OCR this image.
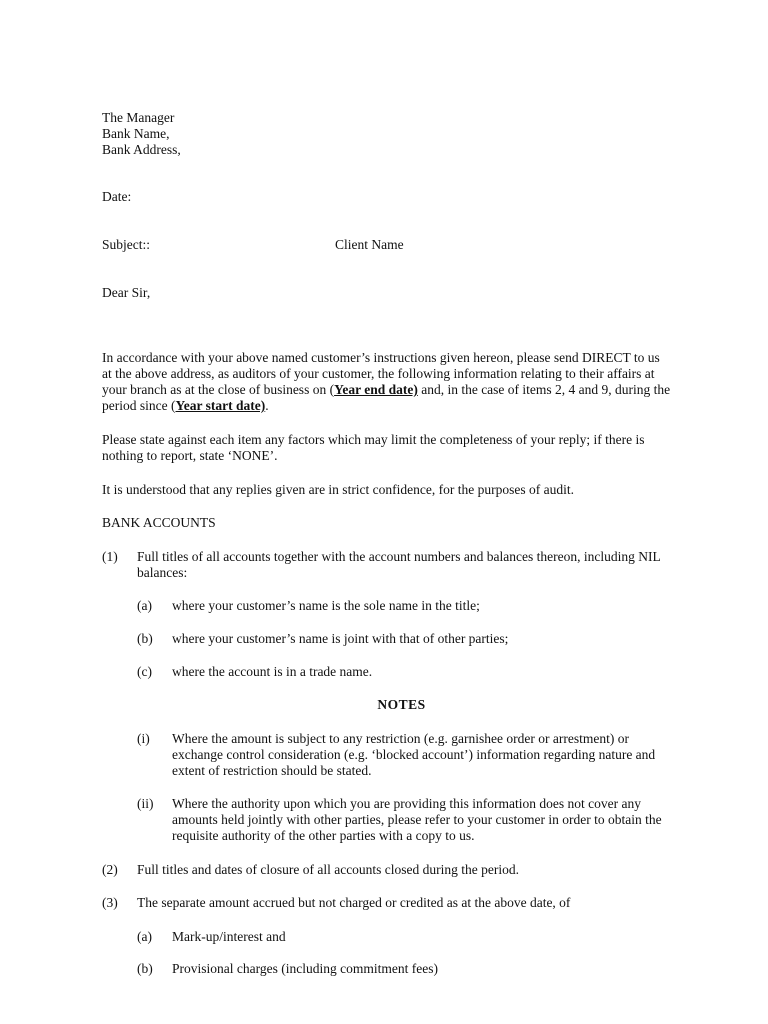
The Manager
Bank Name,
Bank Address,
Date:
Subject::	Client Name
Dear Sir,
In accordance with your above named customer’s instructions given hereon, please send DIRECT to us at the above address, as auditors of your customer, the following information relating to their affairs at your branch as at the close of business on (Year end date) and, in the case of items 2, 4 and 9, during the period since (Year start date).
Please state against each item any factors which may limit the completeness of your reply; if there is nothing to report, state ‘NONE’.
It is understood that any replies given are in strict confidence, for the purposes of audit.
BANK ACCOUNTS
(1) Full titles of all accounts together with the account numbers and balances thereon, including NIL balances:
(a) where your customer’s name is the sole name in the title;
(b) where your customer’s name is joint with that of other parties;
(c) where the account is in a trade name.
NOTES
(i) Where the amount is subject to any restriction (e.g. garnishee order or arrestment) or exchange control consideration (e.g. ‘blocked account’) information regarding nature and extent of restriction should be stated.
(ii) Where the authority upon which you are providing this information does not cover any amounts held jointly with other parties, please refer to your customer in order to obtain the requisite authority of the other parties with a copy to us.
(2) Full titles and dates of closure of all accounts closed during the period.
(3) The separate amount accrued but not charged or credited as at the above date, of
(a) Mark-up/interest and
(b) Provisional charges (including commitment fees)
